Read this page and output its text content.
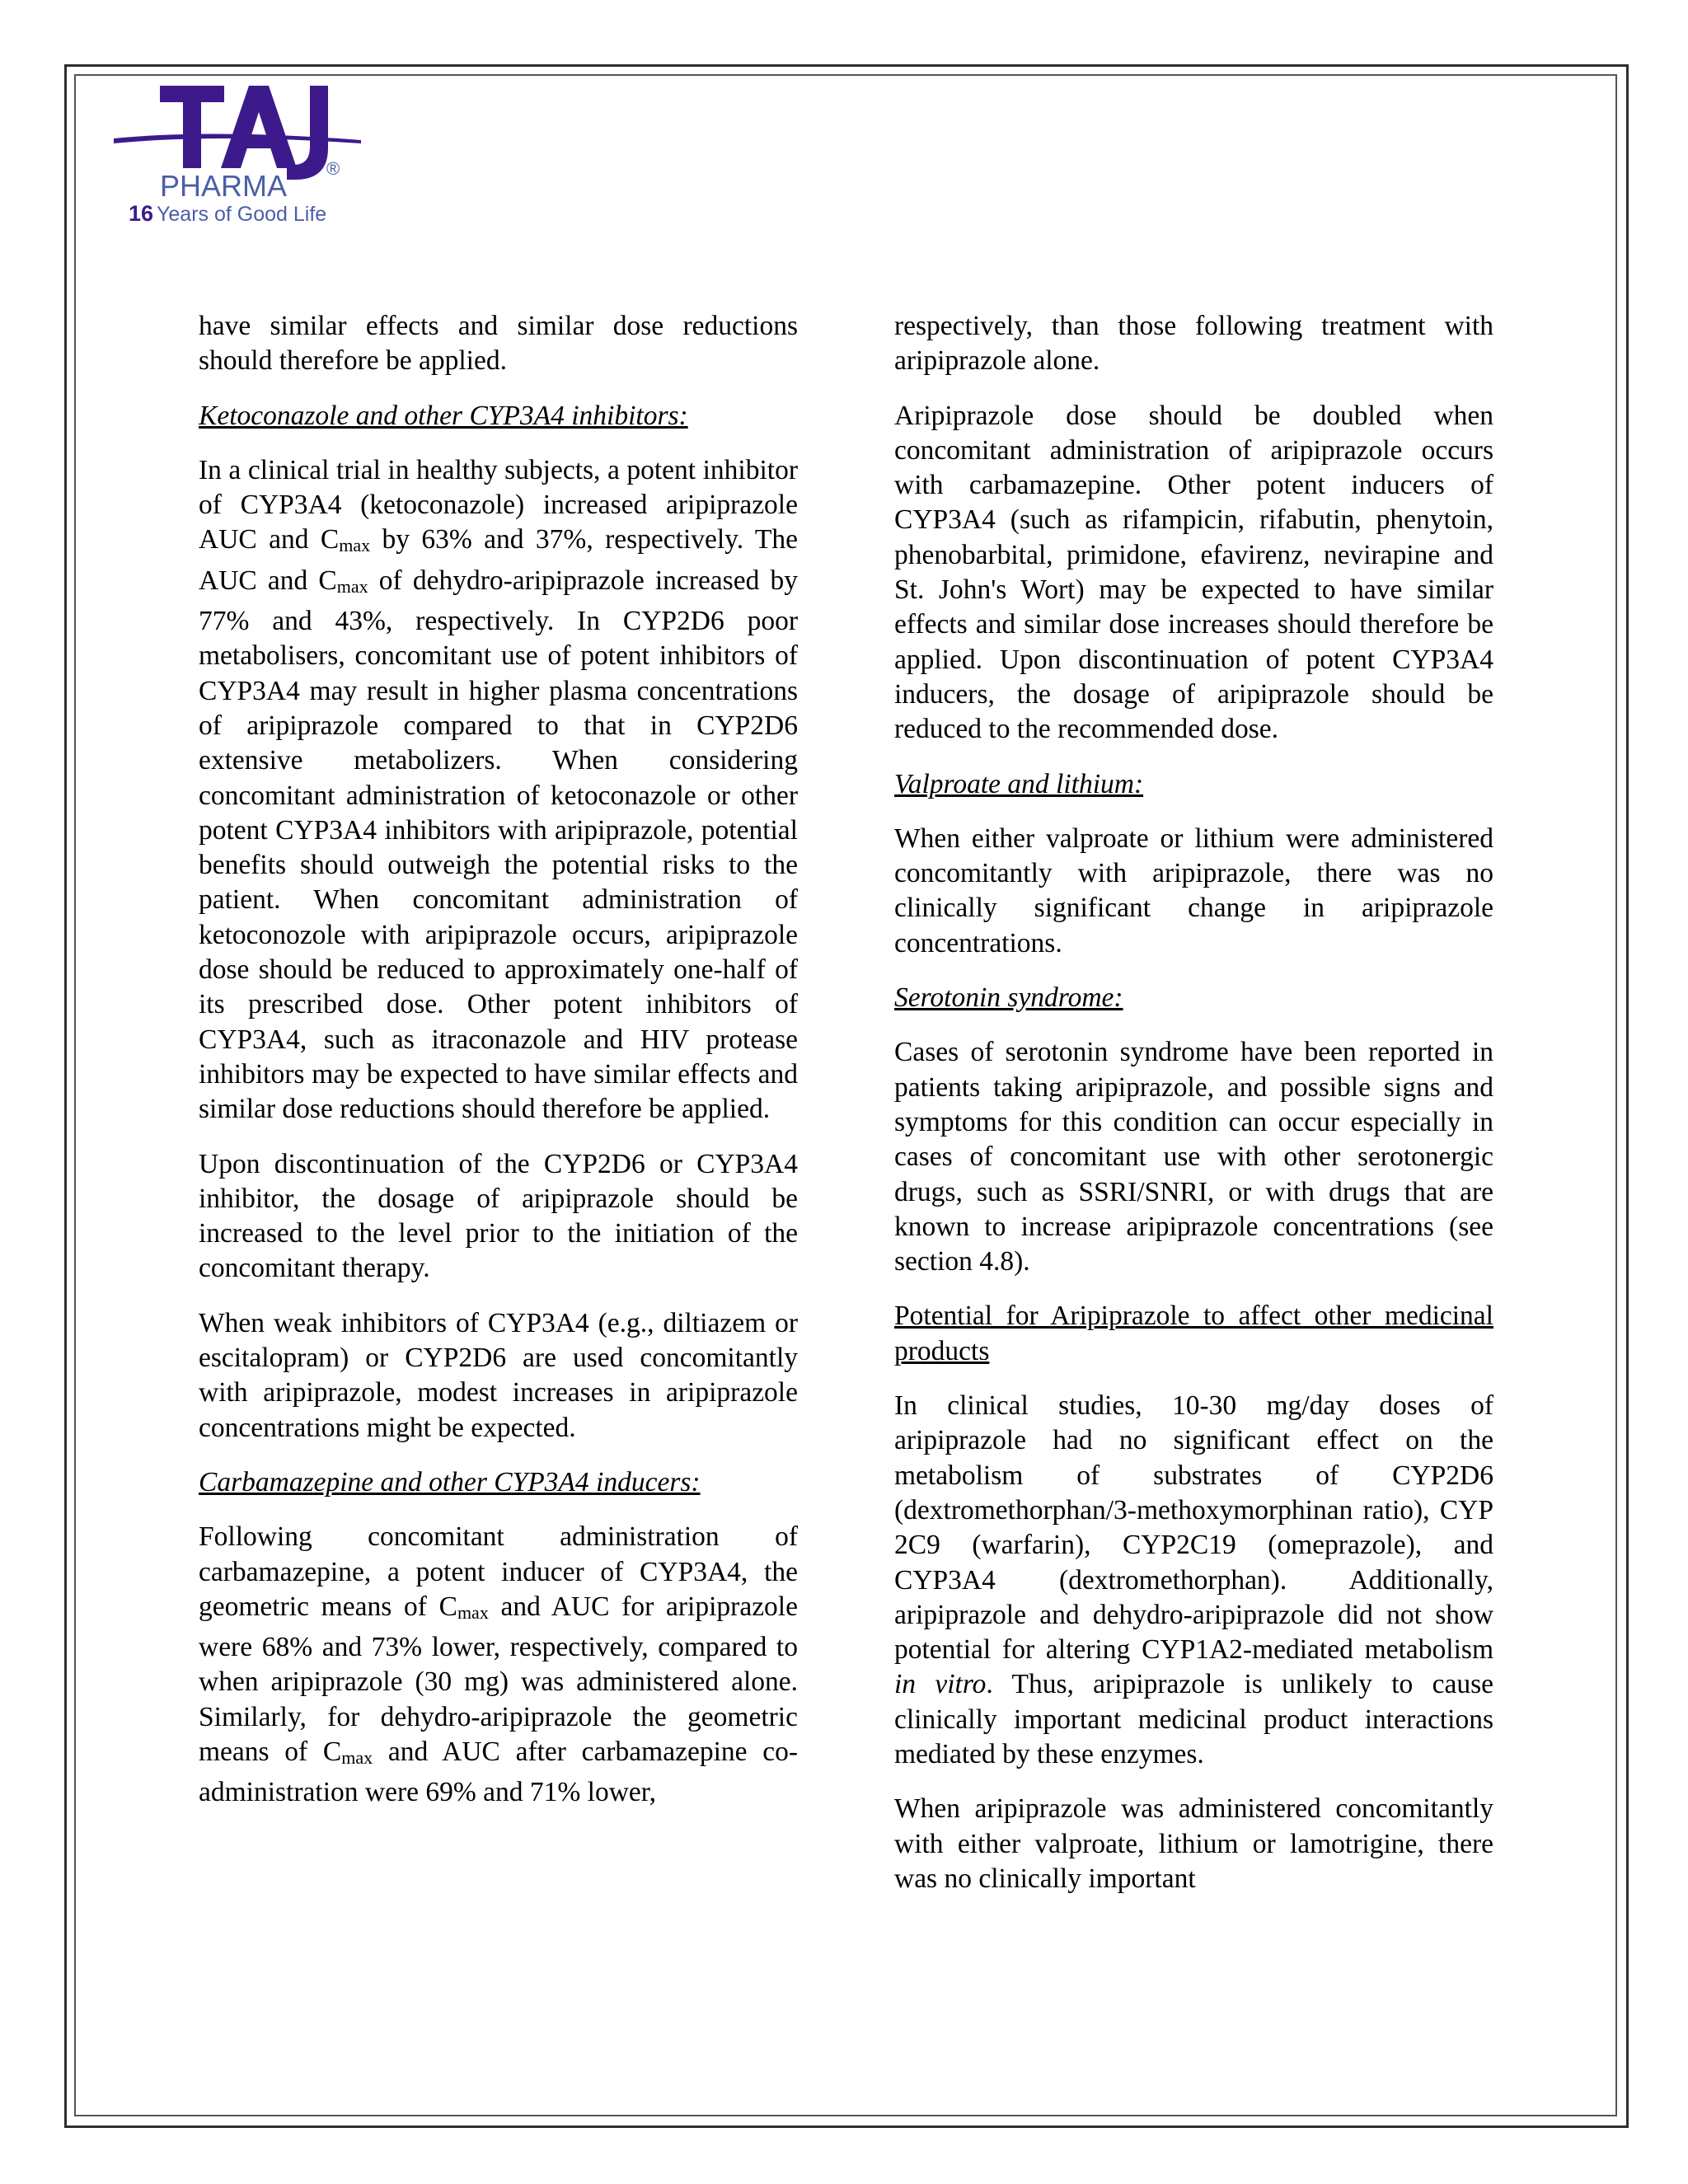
PHARMA
®
16 Years of Good Life

have similar effects and similar dose reductions should therefore be applied.

Ketoconazole and other CYP3A4 inhibitors:

In a clinical trial in healthy subjects, a potent inhibitor of CYP3A4 (ketoconazole) increased aripiprazole AUC and Cmax by 63% and 37%, respectively. The AUC and Cmax of dehydro-aripiprazole increased by 77% and 43%, respectively. In CYP2D6 poor metabolisers, concomitant use of potent inhibitors of CYP3A4 may result in higher plasma concentrations of aripiprazole compared to that in CYP2D6 extensive metabolizers. When considering concomitant administration of ketoconazole or other potent CYP3A4 inhibitors with aripiprazole, potential benefits should outweigh the potential risks to the patient. When concomitant administration of ketoconozole with aripiprazole occurs, aripiprazole dose should be reduced to approximately one-half of its prescribed dose. Other potent inhibitors of CYP3A4, such as itraconazole and HIV protease inhibitors may be expected to have similar effects and similar dose reductions should therefore be applied.

Upon discontinuation of the CYP2D6 or CYP3A4 inhibitor, the dosage of aripiprazole should be increased to the level prior to the initiation of the concomitant therapy.

When weak inhibitors of CYP3A4 (e.g., diltiazem or escitalopram) or CYP2D6 are used concomitantly with aripiprazole, modest increases in aripiprazole concentrations might be expected.

Carbamazepine and other CYP3A4 inducers:

Following concomitant administration of carbamazepine, a potent inducer of CYP3A4, the geometric means of Cmax and AUC for aripiprazole were 68% and 73% lower, respectively, compared to when aripiprazole (30 mg) was administered alone. Similarly, for dehydro-aripiprazole the geometric means of Cmax and AUC after carbamazepine co-administration were 69% and 71% lower,

respectively, than those following treatment with aripiprazole alone.

Aripiprazole dose should be doubled when concomitant administration of aripiprazole occurs with carbamazepine. Other potent inducers of CYP3A4 (such as rifampicin, rifabutin, phenytoin, phenobarbital, primidone, efavirenz, nevirapine and St. John's Wort) may be expected to have similar effects and similar dose increases should therefore be applied. Upon discontinuation of potent CYP3A4 inducers, the dosage of aripiprazole should be reduced to the recommended dose.

Valproate and lithium:

When either valproate or lithium were administered concomitantly with aripiprazole, there was no clinically significant change in aripiprazole concentrations.

Serotonin syndrome:

Cases of serotonin syndrome have been reported in patients taking aripiprazole, and possible signs and symptoms for this condition can occur especially in cases of concomitant use with other serotonergic drugs, such as SSRI/SNRI, or with drugs that are known to increase aripiprazole concentrations (see section 4.8).

Potential for Aripiprazole to affect other medicinal products

In clinical studies, 10-30 mg/day doses of aripiprazole had no significant effect on the metabolism of substrates of CYP2D6 (dextromethorphan/3-methoxymorphinan ratio), CYP 2C9 (warfarin), CYP2C19 (omeprazole), and CYP3A4 (dextromethorphan). Additionally, aripiprazole and dehydro-aripiprazole did not show potential for altering CYP1A2-mediated metabolism in vitro. Thus, aripiprazole is unlikely to cause clinically important medicinal product interactions mediated by these enzymes.

When aripiprazole was administered concomitantly with either valproate, lithium or lamotrigine, there was no clinically important
